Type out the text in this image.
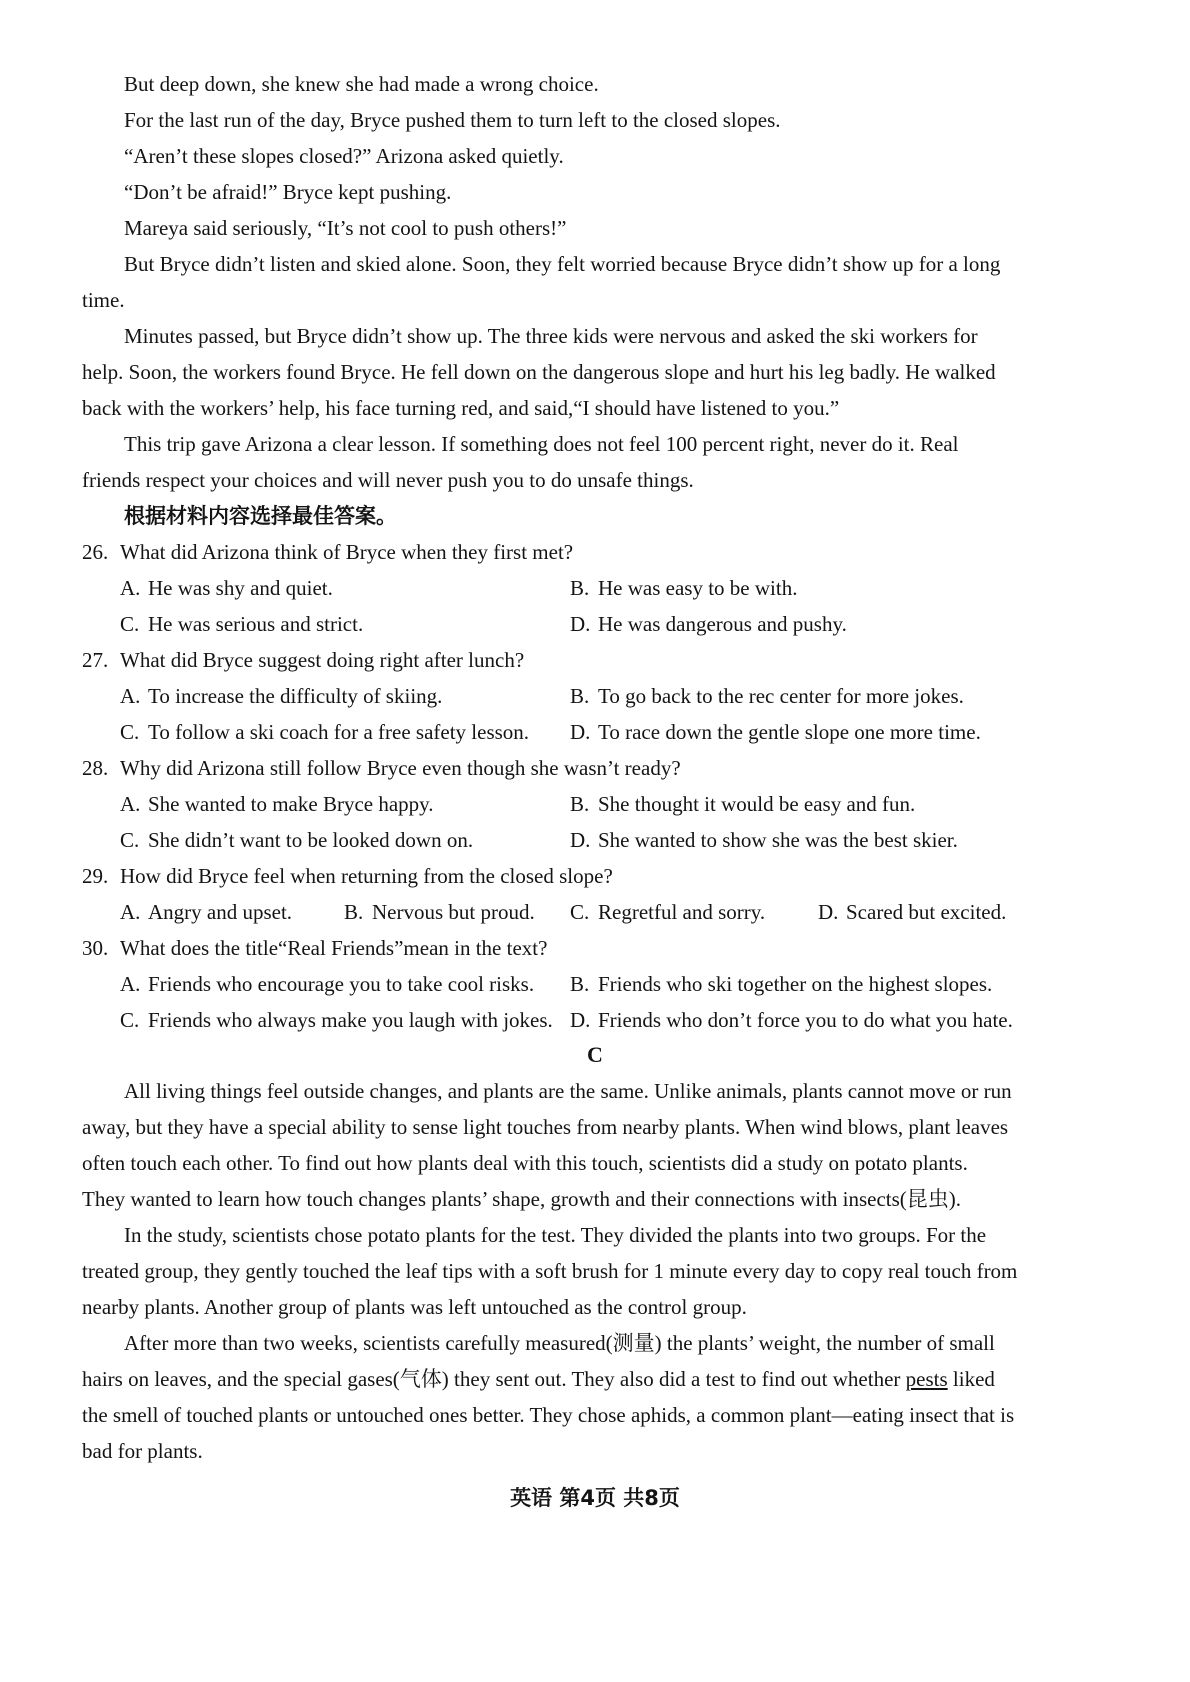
But deep down, she knew she had made a wrong choice.
For the last run of the day, Bryce pushed them to turn left to the closed slopes.
“Aren’t these slopes closed?” Arizona asked quietly.
“Don’t be afraid!” Bryce kept pushing.
Mareya said seriously, “It’s not cool to push others!”
But Bryce didn’t listen and skied alone. Soon, they felt worried because Bryce didn’t show up for a long
time.
Minutes passed, but Bryce didn’t show up. The three kids were nervous and asked the ski workers for
help. Soon, the workers found Bryce. He fell down on the dangerous slope and hurt his leg badly. He walked
back with the workers’ help, his face turning red, and said,“I should have listened to you.”
This trip gave Arizona a clear lesson. If something does not feel 100 percent right, never do it. Real
friends respect your choices and will never push you to do unsafe things.
根据材料内容选择最佳答案。
26. What did Arizona think of Bryce when they first met?
A. He was shy and quiet.	B. He was easy to be with.
C. He was serious and strict.	D. He was dangerous and pushy.
27. What did Bryce suggest doing right after lunch?
A. To increase the difficulty of skiing.	B. To go back to the rec center for more jokes.
C. To follow a ski coach for a free safety lesson. D. To race down the gentle slope one more time.
28. Why did Arizona still follow Bryce even though she wasn’t ready?
A. She wanted to make Bryce happy.	B. She thought it would be easy and fun.
C. She didn’t want to be looked down on.	D. She wanted to show she was the best skier.
29. How did Bryce feel when returning from the closed slope?
A. Angry and upset. B. Nervous but proud. C. Regretful and sorry.	D. Scared but excited.
30. What does the title“Real Friends”mean in the text?
A. Friends who encourage you to take cool risks. B. Friends who ski together on the highest slopes.
C. Friends who always make you laugh with jokes. D. Friends who don’t force you to do what you hate.
C
All living things feel outside changes, and plants are the same. Unlike animals, plants cannot move or run
away, but they have a special ability to sense light touches from nearby plants. When wind blows, plant leaves
often touch each other. To find out how plants deal with this touch, scientists did a study on potato plants.
They wanted to learn how touch changes plants’ shape, growth and their connections with insects(昆虫).
In the study, scientists chose potato plants for the test. They divided the plants into two groups. For the
treated group, they gently touched the leaf tips with a soft brush for 1 minute every day to copy real touch from
nearby plants. Another group of plants was left untouched as the control group.
After more than two weeks, scientists carefully measured(测量) the plants’ weight, the number of small
hairs on leaves, and the special gases(气体) they sent out. They also did a test to find out whether pests liked
the smell of touched plants or untouched ones better. They chose aphids, a common plant—eating insect that is
bad for plants.
英语 第4页 共8页
